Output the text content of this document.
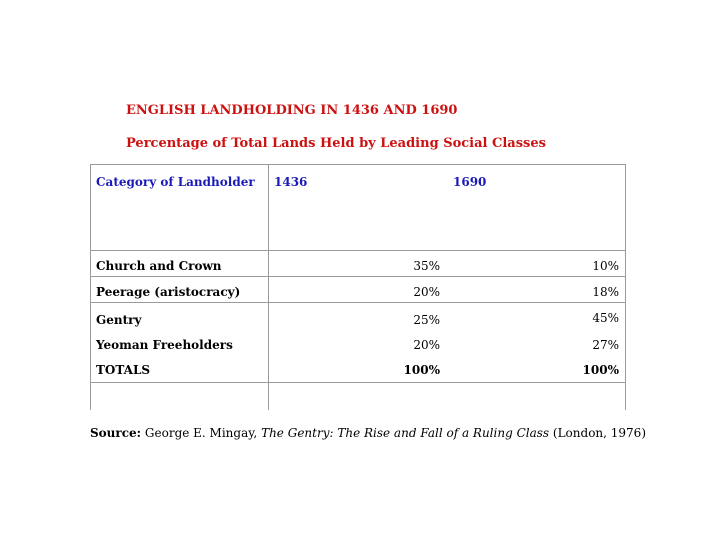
ENGLISH LANDHOLDING IN 1436 AND 1690
Percentage of Total Lands Held by Leading Social Classes
Category of Landholder 1436	1690
Church and Crown	35%	10%
Peerage (aristocracy)	20%	18%
Gentry	25%	45%
Yeoman Freeholders	20%	27%
TOTALS	100%	100%
Source: George E. Mingay, The Gentry: The Rise and Fall of a Ruling Class (London, 1976)
